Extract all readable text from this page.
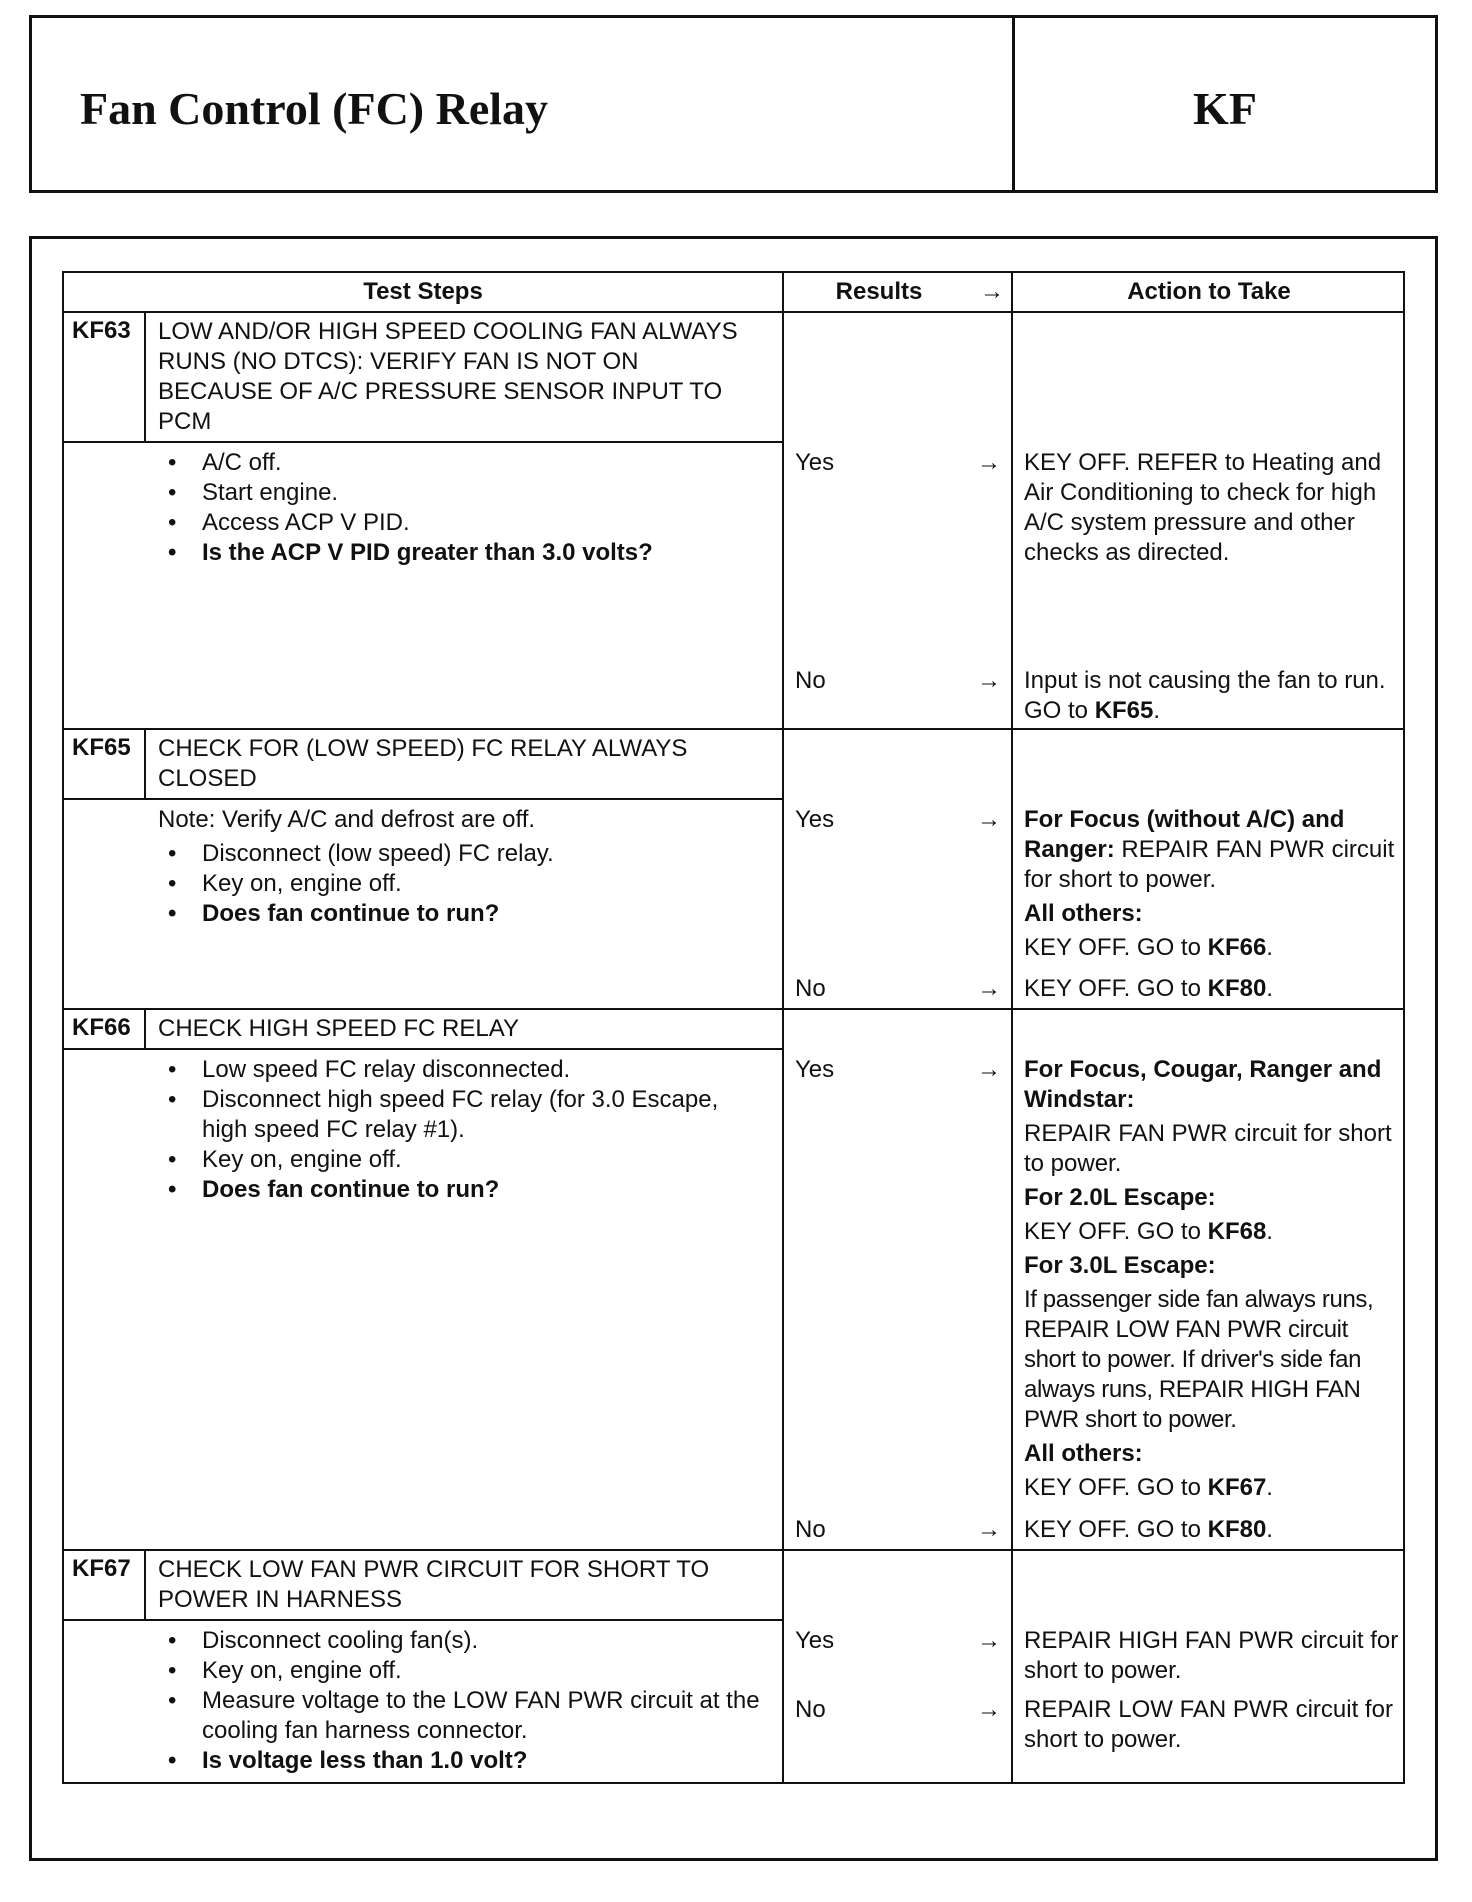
Fan Control (FC) Relay	KF
Test Steps	Results	→	Action to Take
KF63 LOW AND/OR HIGH SPEED COOLING FAN ALWAYS RUNS (NO DTCS): VERIFY FAN IS NOT ON BECAUSE OF A/C PRESSURE SENSOR INPUT TO PCM
• A/C off.
• Start engine.
• Access ACP V PID.
• Is the ACP V PID greater than 3.0 volts?
Yes	→ KEY OFF. REFER to Heating and Air Conditioning to check for high A/C system pressure and other checks as directed.
No	→ Input is not causing the fan to run. GO to KF65.
KF65 CHECK FOR (LOW SPEED) FC RELAY ALWAYS CLOSED
Note: Verify A/C and defrost are off.
• Disconnect (low speed) FC relay.
• Key on, engine off.
• Does fan continue to run?
Yes	→ For Focus (without A/C) and Ranger: REPAIR FAN PWR circuit for short to power.
All others:
KEY OFF. GO to KF66.
No	→ KEY OFF. GO to KF80.
KF66 CHECK HIGH SPEED FC RELAY
• Low speed FC relay disconnected.
• Disconnect high speed FC relay (for 3.0 Escape, high speed FC relay #1).
• Key on, engine off.
• Does fan continue to run?
Yes	→ For Focus, Cougar, Ranger and Windstar:
REPAIR FAN PWR circuit for short to power.
For 2.0L Escape:
KEY OFF. GO to KF68.
For 3.0L Escape:
If passenger side fan always runs, REPAIR LOW FAN PWR circuit short to power. If driver's side fan always runs, REPAIR HIGH FAN PWR short to power.
All others:
KEY OFF. GO to KF67.
No	→ KEY OFF. GO to KF80.
KF67 CHECK LOW FAN PWR CIRCUIT FOR SHORT TO POWER IN HARNESS
• Disconnect cooling fan(s).
• Key on, engine off.
• Measure voltage to the LOW FAN PWR circuit at the cooling fan harness connector.
• Is voltage less than 1.0 volt?
Yes	→ REPAIR HIGH FAN PWR circuit for short to power.
No	→ REPAIR LOW FAN PWR circuit for short to power.
